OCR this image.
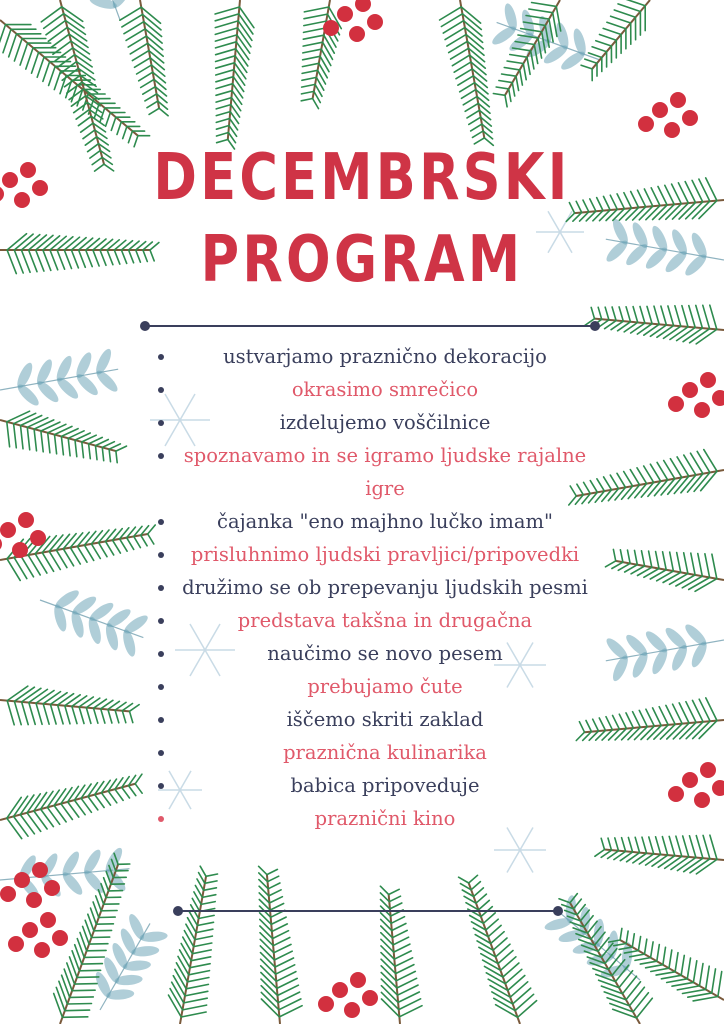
DECEMBRSKI
PROGRAM
ustvarjamo praznično dekoracijo
okrasimo smrečico
izdelujemo voščilnice
spoznavamo in se igramo ljudske rajalne igre
čajanka "eno majhno lučko imam"
prisluhnimo ljudski pravljici/pripovedki
družimo se ob prepevanju ljudskih pesmi
predstava takšna in drugačna
naučimo se novo pesem
prebujamo čute
iščemo skriti zaklad
praznična kulinarika
babica pripoveduje
praznični kino
